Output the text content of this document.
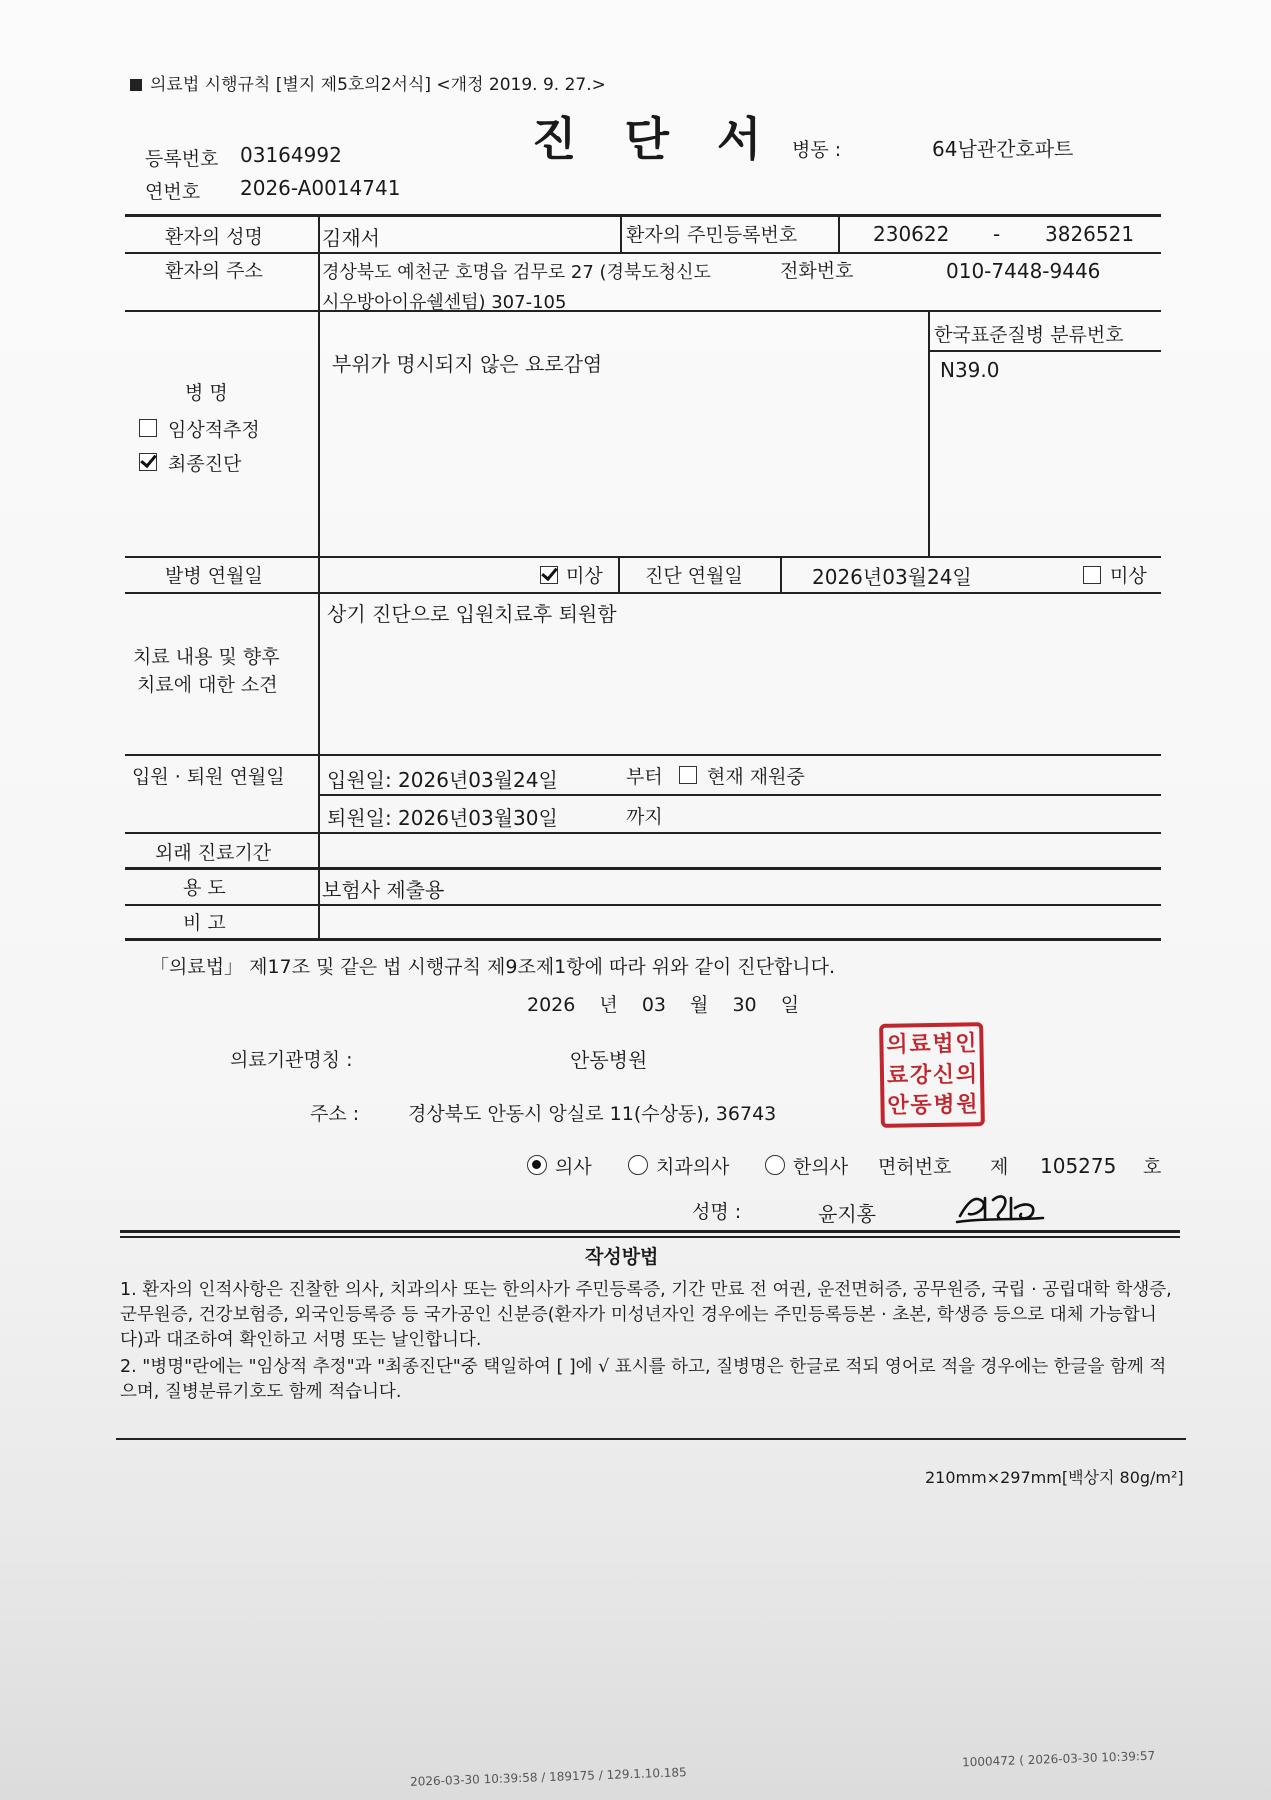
의료법 시행규칙 [별지 제5호의2서식] <개정 2019. 9. 27.>
진 단 서
등록번호 03164992
연번호 2026-A0014741
병동 :	64남관간호파트
환자의 성명	김재서	환자의 주민등록번호	230622 - 3826521
환자의 주소	경상북도 예천군 호명읍 검무로 27 (경북도청신도
시우방아이유쉘센텀) 307-105
전화번호	010-7448-9446
병 명
임상적추정
최종진단
부위가 명시되지 않은 요로감염
한국표준질병 분류번호
N39.0
발병 연월일	미상 진단 연월일	2026년03월24일	미상
치료 내용 및 향후
치료에 대한 소견
상기 진단으로 입원치료후 퇴원함
입원 · 퇴원 연월일 입원일: 2026년03월24일	부터 현재 재원중
퇴원일: 2026년03월30일	까지
외래 진료기간
용 도	보험사 제출용
비 고
「의료법」 제17조 및 같은 법 시행규칙 제9조제1항에 따라 위와 같이 진단합니다.
2026 년 03 월 30 일
의료기관명칭 :	안동병원
주소 :	경상북도 안동시 앙실로 11(수상동), 36743
의 료 법 인
료 강 신 의
안 동 병 원
의사	치과의사	한의사 면허번호 제 105275 호
성명 :	윤지홍
작성방법
1. 환자의 인적사항은 진찰한 의사, 치과의사 또는 한의사가 주민등록증, 기간 만료 전 여권, 운전면허증, 공무원증, 국립 · 공립대학 학생증, 군무원증, 건강보험증, 외국인등록증 등 국가공인 신분증(환자가 미성년자인 경우에는 주민등록등본 · 초본, 학생증 등으로 대체 가능합니다)과 대조하여 확인하고 서명 또는 날인합니다.
2. "병명"란에는 "임상적 추정"과 "최종진단"중 택일하여 [ ]에 √ 표시를 하고, 질병명은 한글로 적되 영어로 적을 경우에는 한글을 함께 적으며, 질병분류기호도 함께 적습니다.
210mm×297mm[백상지 80g/m²]
2026-03-30 10:39:58 / 189175 / 129.1.10.185
1000472 ( 2026-03-30 10:39:57
